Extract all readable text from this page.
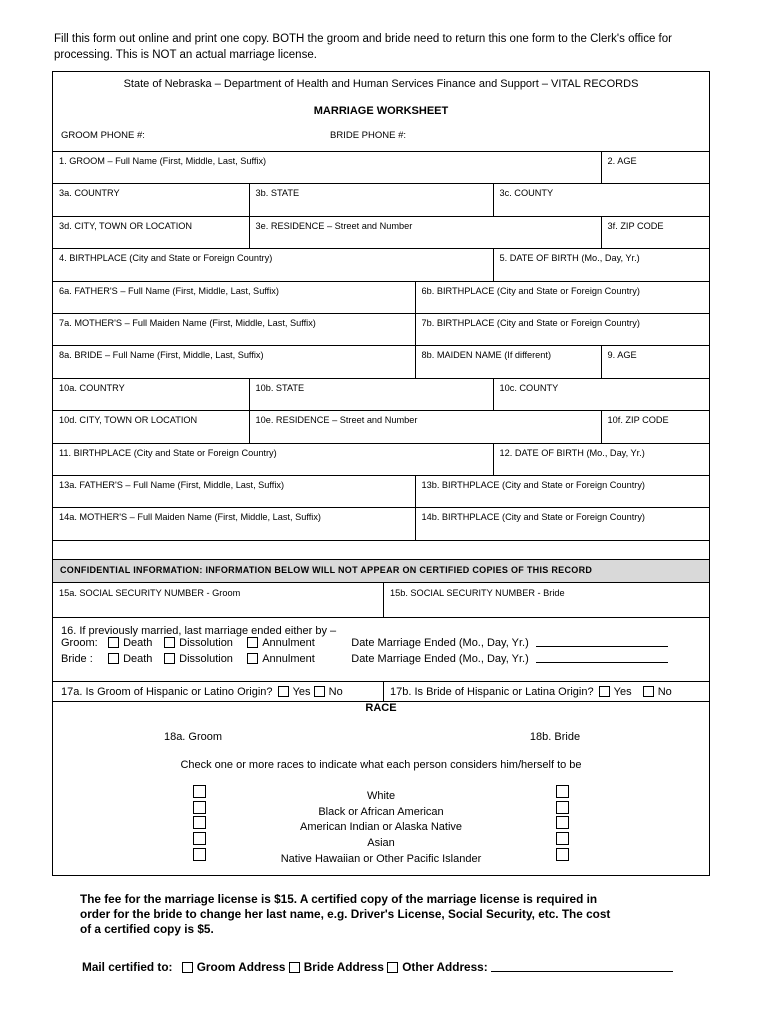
Fill this form out online and print one copy. BOTH the groom and bride need to return this one form to the Clerk's office for
processing. This is NOT an actual marriage license.
State of Nebraska – Department of Health and Human Services Finance and Support – VITAL RECORDS
MARRIAGE WORKSHEET
GROOM PHONE #:	BRIDE PHONE #:
1. GROOM – Full Name (First, Middle, Last, Suffix)				2. AGE
3a. COUNTRY	3b. STATE		3c. COUNTY	
3d. CITY, TOWN OR LOCATION	3e. RESIDENCE – Street and Number			3f. ZIP CODE
4. BIRTHPLACE (City and State or Foreign Country)			5. DATE OF BIRTH (Mo., Day, Yr.)	
6a. FATHER'S – Full Name (First, Middle, Last, Suffix)		6b. BIRTHPLACE (City and State or Foreign Country)		
7a. MOTHER'S – Full Maiden Name (First, Middle, Last, Suffix)		7b. BIRTHPLACE (City and State or Foreign Country)		
8a. BRIDE – Full Name (First, Middle, Last, Suffix)		8b. MAIDEN NAME (If different)		9. AGE
10a. COUNTRY	10b. STATE		10c. COUNTY	
10d. CITY, TOWN OR LOCATION	10e. RESIDENCE – Street and Number			10f. ZIP CODE
11. BIRTHPLACE (City and State or Foreign Country)			12. DATE OF BIRTH (Mo., Day, Yr.)	
13a. FATHER'S – Full Name (First, Middle, Last, Suffix)		13b. BIRTHPLACE (City and State or Foreign Country)		
14a. MOTHER'S – Full Maiden Name (First, Middle, Last, Suffix)		14b. BIRTHPLACE (City and State or Foreign Country)		
CONFIDENTIAL INFORMATION: INFORMATION BELOW WILL NOT APPEAR ON CERTIFIED COPIES OF THIS RECORD
15a. SOCIAL SECURITY NUMBER - Groom	15b. SOCIAL SECURITY NUMBER - Bride
16. If previously married, last marriage ended either by –
Groom: Death Dissolution	Annulment	Date Marriage Ended (Mo., Day, Yr.)
Bride :	Death Dissolution	Annulment	Date Marriage Ended (Mo., Day, Yr.)
17a. Is Groom of Hispanic or Latino Origin? Yes No	17b. Is Bride of Hispanic or Latina Origin? Yes No
RACE
18a. Groom	18b. Bride
Check one or more races to indicate what each person considers him/herself to be
White
Black or African American
American Indian or Alaska Native
Asian
Native Hawaiian or Other Pacific Islander
The fee for the marriage license is $15. A certified copy of the marriage license is required in
order for the bride to change her last name, e.g. Driver's License, Social Security, etc. The cost
of a certified copy is $5.
Mail certified to: Groom Address Bride Address Other Address:
